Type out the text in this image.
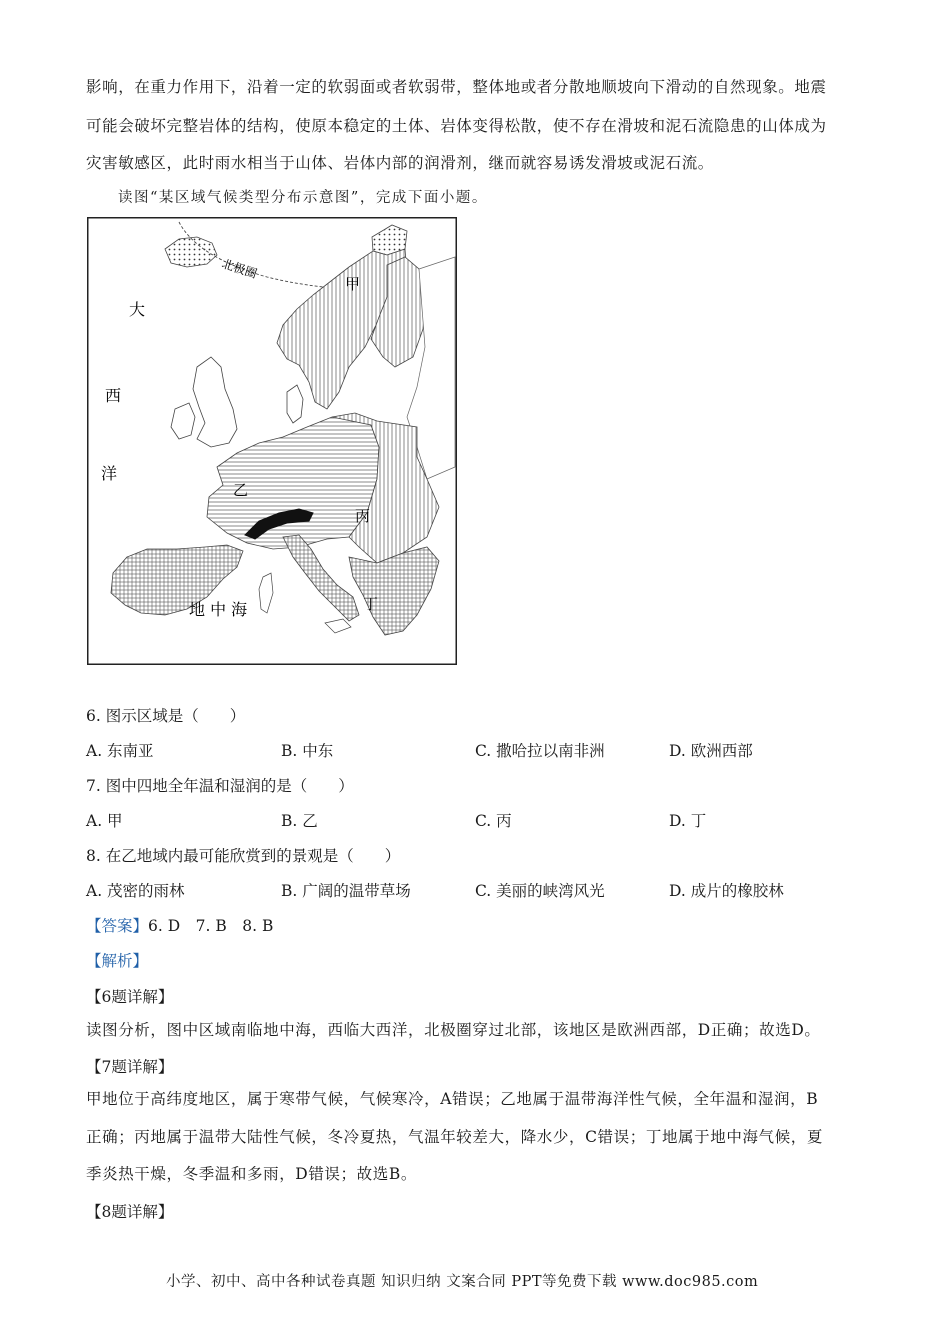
影响，在重力作用下，沿着一定的软弱面或者软弱带，整体地或者分散地顺坡向下滑动的自然现象。地震
可能会破坏完整岩体的结构，使原本稳定的土体、岩体变得松散，使不存在滑坡和泥石流隐患的山体成为
灾害敏感区，此时雨水相当于山体、岩体内部的润滑剂，继而就容易诱发滑坡或泥石流。
读图“某区域气候类型分布示意图”，完成下面小题。
北极圈
甲
乙
丙
丁
大
西
洋
地 中 海
6. 图示区域是（　　）
A. 东南亚	B. 中东	C. 撒哈拉以南非洲	D. 欧洲西部
7. 图中四地全年温和湿润的是（　　）
A. 甲	B. 乙	C. 丙	D. 丁
8. 在乙地域内最可能欣赏到的景观是（　　）
A. 茂密的雨林	B. 广阔的温带草场	C. 美丽的峡湾风光	D. 成片的橡胶林
【答案】6. D　7. B　8. B
【解析】
【6题详解】
读图分析，图中区域南临地中海，西临大西洋，北极圈穿过北部，该地区是欧洲西部，D正确；故选D。
【7题详解】
甲地位于高纬度地区，属于寒带气候，气候寒冷，A错误；乙地属于温带海洋性气候，全年温和湿润，B
正确；丙地属于温带大陆性气候，冬冷夏热，气温年较差大，降水少，C错误；丁地属于地中海气候，夏
季炎热干燥，冬季温和多雨，D错误；故选B。
【8题详解】
小学、初中、高中各种试卷真题 知识归纳 文案合同 PPT等免费下载 www.doc985.com
